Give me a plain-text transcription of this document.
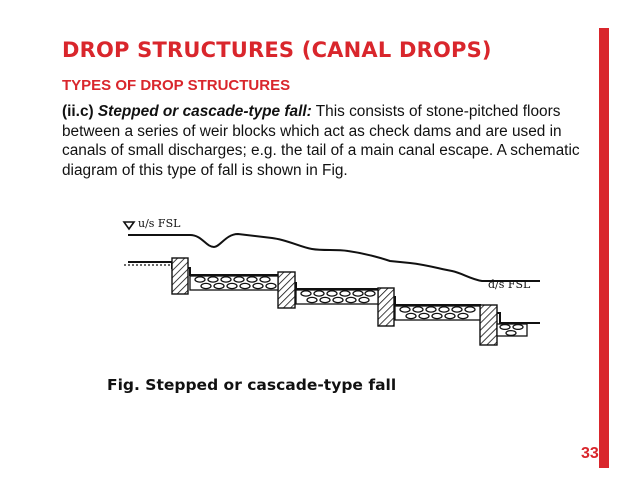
DROP STRUCTURES (CANAL DROPS)
TYPES OF DROP STRUCTURES

(ii.c) Stepped or cascade-type fall: This consists of stone-pitched floors between a series of weir blocks which act as check dams and are used in canals of small discharges; e.g. the tail of a main canal escape. A schematic diagram of this type of fall is shown in Fig.

u/s FSL
d/s FSL

Fig. Stepped or cascade-type fall

33
